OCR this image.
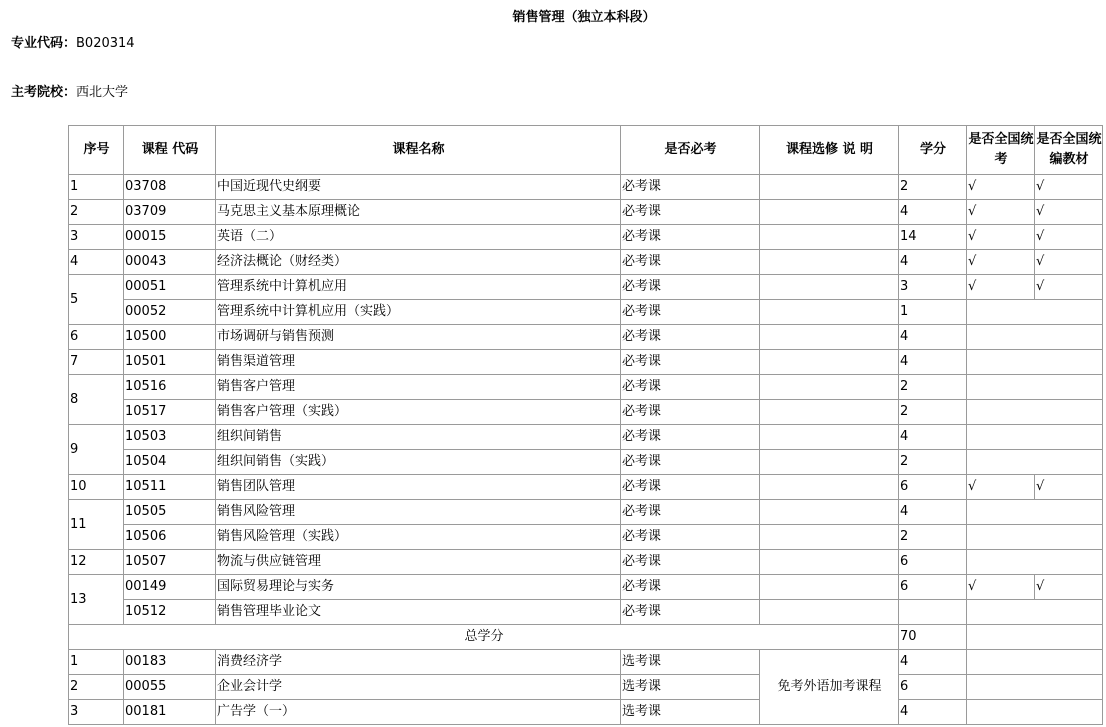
销售管理（独立本科段）
专业代码：B020314
主考院校：西北大学
序号	课程 代码	课程名称	是否必考	课程选修 说 明	学分	是否全国统考	是否全国统编教材
1	03708	中国近现代史纲要	必考课		2	√	√
2	03709	马克思主义基本原理概论	必考课		4	√	√
3	00015	英语（二）	必考课		14	√	√
4	00043	经济法概论（财经类）	必考课		4	√	√
5	00051	管理系统中计算机应用	必考课		3	√	√
	00052	管理系统中计算机应用（实践）	必考课		1		
6	10500	市场调研与销售预测	必考课		4		
7	10501	销售渠道管理	必考课		4		
8	10516	销售客户管理	必考课		2		
	10517	销售客户管理（实践）	必考课		2		
9	10503	组织间销售	必考课		4		
	10504	组织间销售（实践）	必考课		2		
10	10511	销售团队管理	必考课		6	√	√
11	10505	销售风险管理	必考课		4		
	10506	销售风险管理（实践）	必考课		2		
12	10507	物流与供应链管理	必考课		6		
13	00149	国际贸易理论与实务	必考课		6	√	√
	10512	销售管理毕业论文	必考课				
总学分					70		
1	00183	消费经济学	选考课	免考外语加考课程	4		
2	00055	企业会计学	选考课		6		
3	00181	广告学（一）	选考课		4		
